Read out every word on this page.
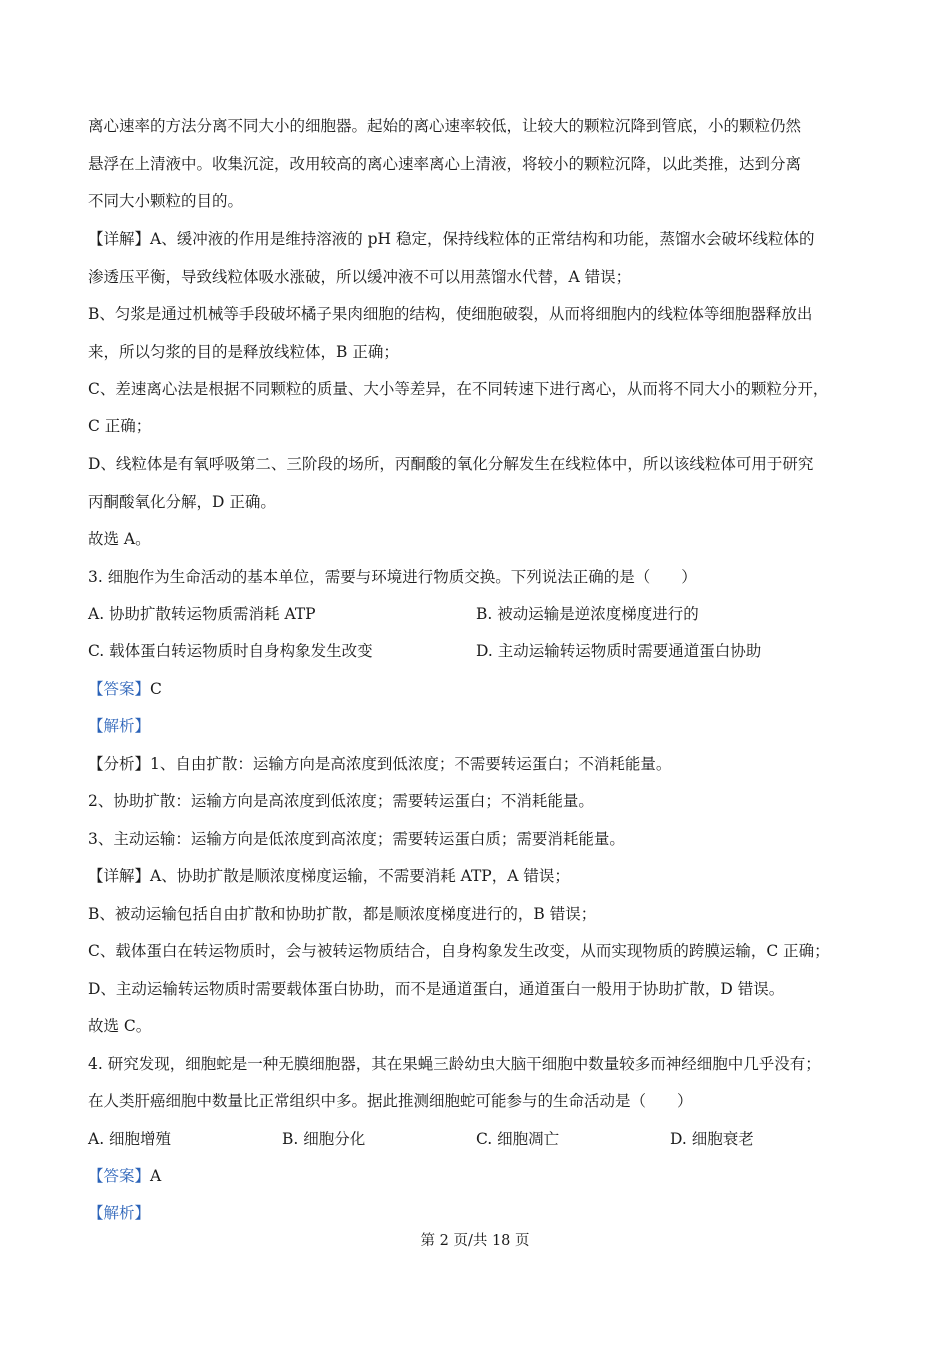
离心速率的方法分离不同大小的细胞器。起始的离心速率较低，让较大的颗粒沉降到管底，小的颗粒仍然
悬浮在上清液中。收集沉淀，改用较高的离心速率离心上清液，将较小的颗粒沉降，以此类推，达到分离
不同大小颗粒的目的。
【详解】A、缓冲液的作用是维持溶液的 pH 稳定，保持线粒体的正常结构和功能，蒸馏水会破坏线粒体的
渗透压平衡，导致线粒体吸水涨破，所以缓冲液不可以用蒸馏水代替，A 错误；
B、匀浆是通过机械等手段破坏橘子果肉细胞的结构，使细胞破裂，从而将细胞内的线粒体等细胞器释放出
来，所以匀浆的目的是释放线粒体，B 正确；
C、差速离心法是根据不同颗粒的质量、大小等差异，在不同转速下进行离心，从而将不同大小的颗粒分开，
C 正确；
D、线粒体是有氧呼吸第二、三阶段的场所，丙酮酸的氧化分解发生在线粒体中，所以该线粒体可用于研究
丙酮酸氧化分解，D 正确。
故选 A。
3. 细胞作为生命活动的基本单位，需要与环境进行物质交换。下列说法正确的是（　　）
A. 协助扩散转运物质需消耗 ATP	B. 被动运输是逆浓度梯度进行的
C. 载体蛋白转运物质时自身构象发生改变	D. 主动运输转运物质时需要通道蛋白协助
【答案】C
【解析】
【分析】1、自由扩散：运输方向是高浓度到低浓度；不需要转运蛋白；不消耗能量。
2、协助扩散：运输方向是高浓度到低浓度；需要转运蛋白；不消耗能量。
3、主动运输：运输方向是低浓度到高浓度；需要转运蛋白质；需要消耗能量。
【详解】A、协助扩散是顺浓度梯度运输，不需要消耗 ATP，A 错误；
B、被动运输包括自由扩散和协助扩散，都是顺浓度梯度进行的，B 错误；
C、载体蛋白在转运物质时，会与被转运物质结合，自身构象发生改变，从而实现物质的跨膜运输，C 正确；
D、主动运输转运物质时需要载体蛋白协助，而不是通道蛋白，通道蛋白一般用于协助扩散，D 错误。
故选 C。
4. 研究发现，细胞蛇是一种无膜细胞器，其在果蝇三龄幼虫大脑干细胞中数量较多而神经细胞中几乎没有；
在人类肝癌细胞中数量比正常组织中多。据此推测细胞蛇可能参与的生命活动是（　　）
A. 细胞增殖	B. 细胞分化	C. 细胞凋亡	D. 细胞衰老
【答案】A
【解析】
第 2 页/共 18 页
